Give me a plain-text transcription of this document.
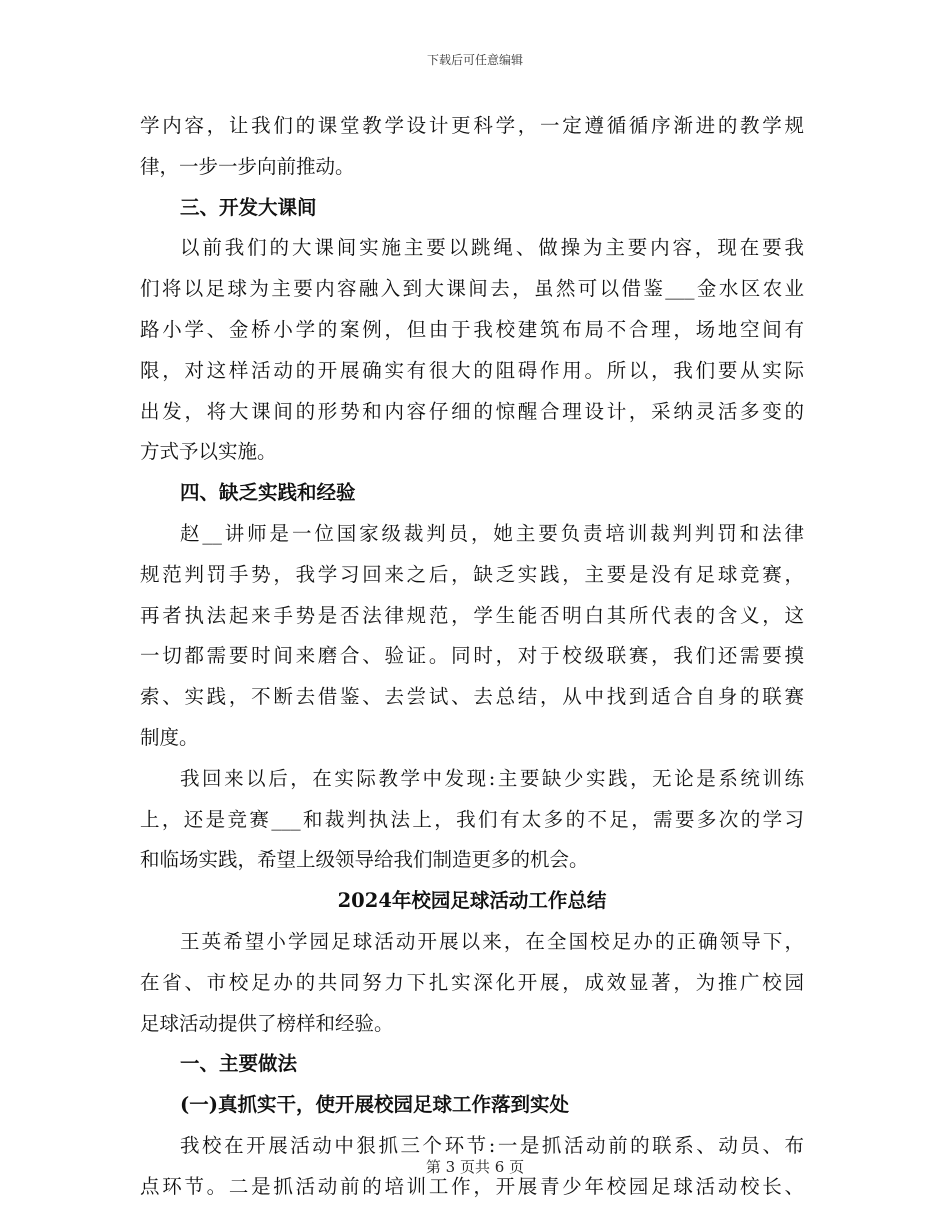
下载后可任意编辑
学内容，让我们的课堂教学设计更科学，一定遵循循序渐进的教学规
律，一步一步向前推动。
三、开发大课间
以前我们的大课间实施主要以跳绳、做操为主要内容，现在要我
们将以足球为主要内容融入到大课间去，虽然可以借鉴___金水区农业
路小学、金桥小学的案例，但由于我校建筑布局不合理，场地空间有
限，对这样活动的开展确实有很大的阻碍作用。所以，我们要从实际
出发，将大课间的形势和内容仔细的惊醒合理设计，采纳灵活多变的
方式予以实施。
四、缺乏实践和经验
赵__讲师是一位国家级裁判员，她主要负责培训裁判判罚和法律
规范判罚手势，我学习回来之后，缺乏实践，主要是没有足球竞赛，
再者执法起来手势是否法律规范，学生能否明白其所代表的含义，这
一切都需要时间来磨合、验证。同时，对于校级联赛，我们还需要摸
索、实践，不断去借鉴、去尝试、去总结，从中找到适合自身的联赛
制度。
我回来以后，在实际教学中发现:主要缺少实践，无论是系统训练
上，还是竞赛___和裁判执法上，我们有太多的不足，需要多次的学习
和临场实践，希望上级领导给我们制造更多的机会。
2024年校园足球活动工作总结
王英希望小学园足球活动开展以来，在全国校足办的正确领导下，
在省、市校足办的共同努力下扎实深化开展，成效显著，为推广校园
足球活动提供了榜样和经验。
一、主要做法
(一)真抓实干，使开展校园足球工作落到实处
我校在开展活动中狠抓三个环节:一是抓活动前的联系、动员、布
点环节。二是抓活动前的培训工作，开展青少年校园足球活动校长、
第 3 页共 6 页
